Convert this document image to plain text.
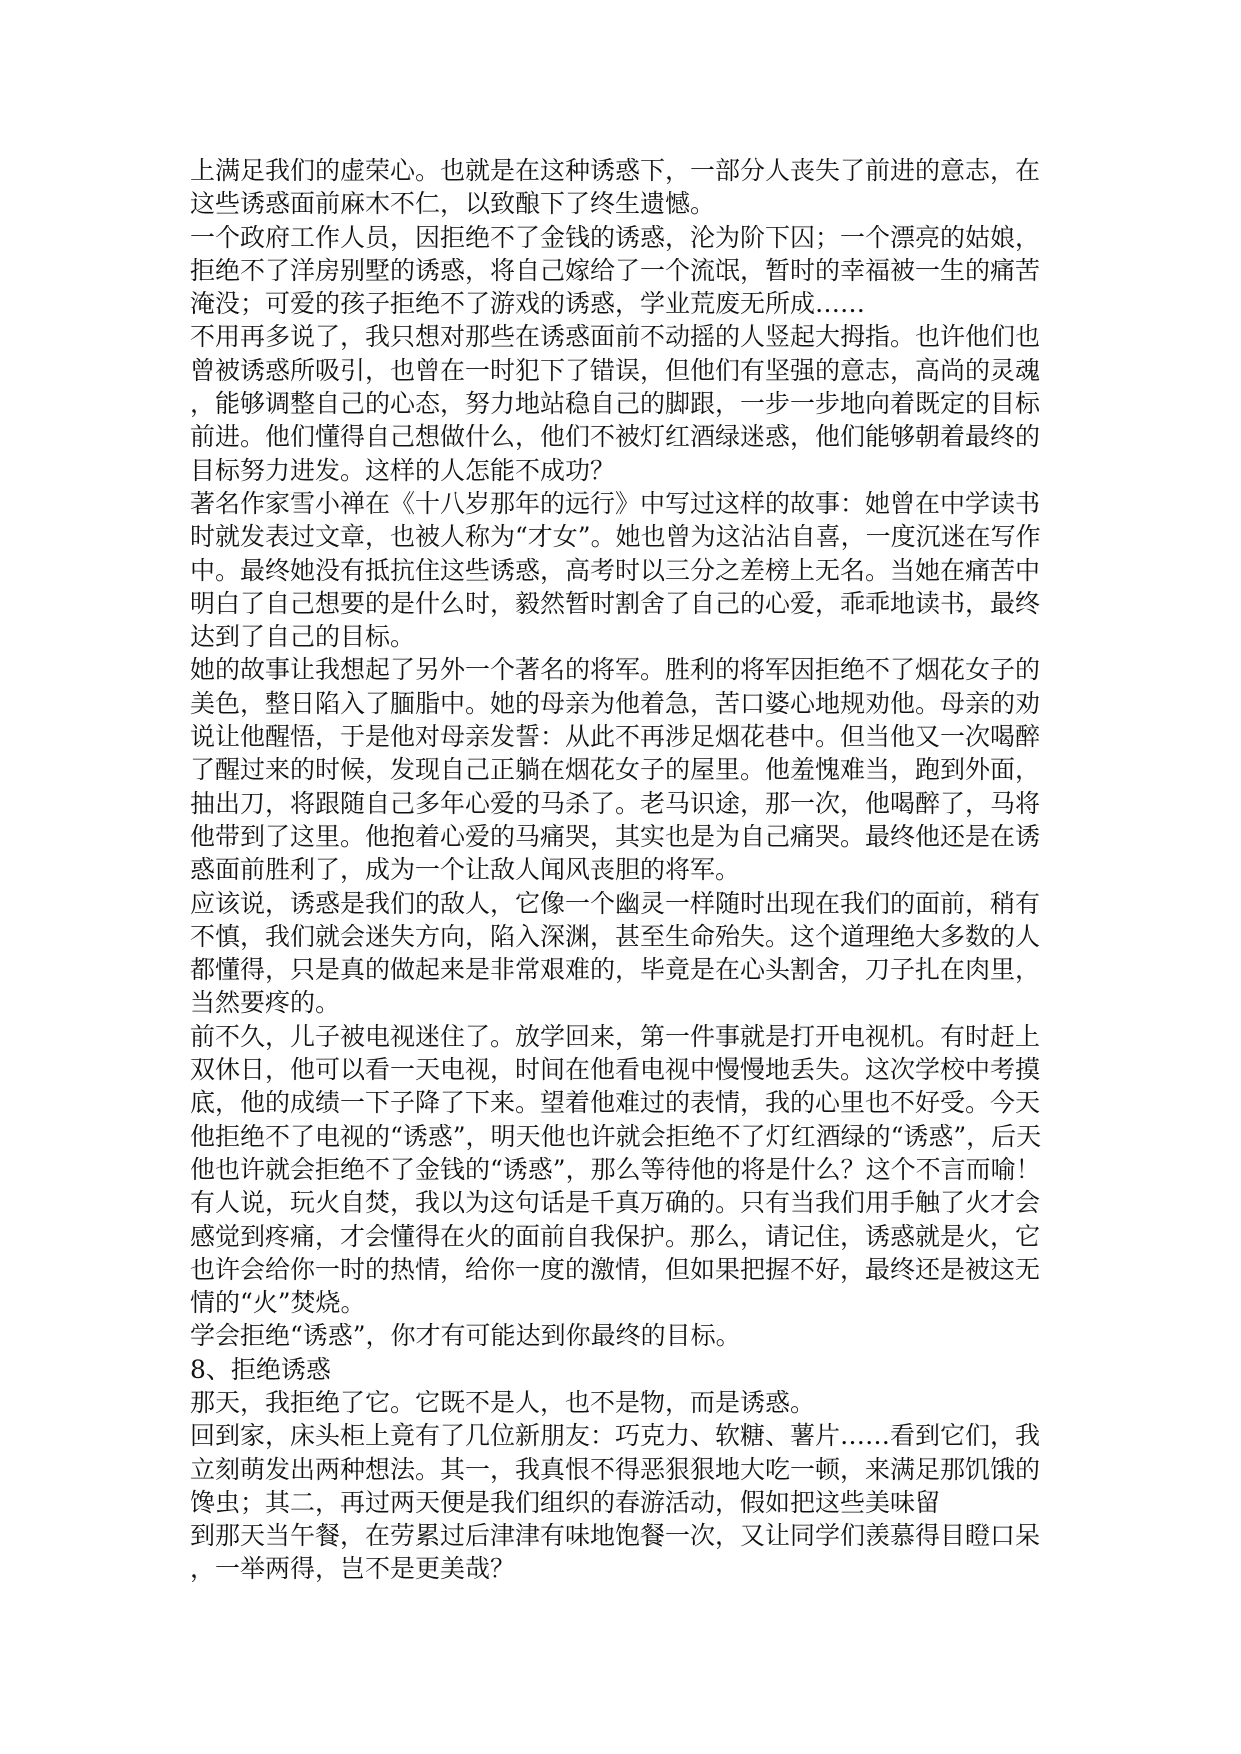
上满足我们的虚荣心。也就是在这种诱惑下，一部分人丧失了前进的意志，在
这些诱惑面前麻木不仁，以致酿下了终生遗憾。
一个政府工作人员，因拒绝不了金钱的诱惑，沦为阶下囚；一个漂亮的姑娘，
拒绝不了洋房别墅的诱惑，将自己嫁给了一个流氓，暂时的幸福被一生的痛苦
淹没；可爱的孩子拒绝不了游戏的诱惑，学业荒废无所成……
不用再多说了，我只想对那些在诱惑面前不动摇的人竖起大拇指。也许他们也
曾被诱惑所吸引，也曾在一时犯下了错误，但他们有坚强的意志，高尚的灵魂
，能够调整自己的心态，努力地站稳自己的脚跟，一步一步地向着既定的目标
前进。他们懂得自己想做什么，他们不被灯红酒绿迷惑，他们能够朝着最终的
目标努力进发。这样的人怎能不成功？
著名作家雪小禅在《十八岁那年的远行》中写过这样的故事：她曾在中学读书
时就发表过文章，也被人称为“才女”。她也曾为这沾沾自喜，一度沉迷在写作
中。最终她没有抵抗住这些诱惑，高考时以三分之差榜上无名。当她在痛苦中
明白了自己想要的是什么时，毅然暂时割舍了自己的心爱，乖乖地读书，最终
达到了自己的目标。
她的故事让我想起了另外一个著名的将军。胜利的将军因拒绝不了烟花女子的
美色，整日陷入了腼脂中。她的母亲为他着急，苦口婆心地规劝他。母亲的劝
说让他醒悟，于是他对母亲发誓：从此不再涉足烟花巷中。但当他又一次喝醉
了醒过来的时候，发现自己正躺在烟花女子的屋里。他羞愧难当，跑到外面，
抽出刀，将跟随自己多年心爱的马杀了。老马识途，那一次，他喝醉了，马将
他带到了这里。他抱着心爱的马痛哭，其实也是为自己痛哭。最终他还是在诱
惑面前胜利了，成为一个让敌人闻风丧胆的将军。
应该说，诱惑是我们的敌人，它像一个幽灵一样随时出现在我们的面前，稍有
不慎，我们就会迷失方向，陷入深渊，甚至生命殆失。这个道理绝大多数的人
都懂得，只是真的做起来是非常艰难的，毕竟是在心头割舍，刀子扎在肉里，
当然要疼的。
前不久，儿子被电视迷住了。放学回来，第一件事就是打开电视机。有时赶上
双休日，他可以看一天电视，时间在他看电视中慢慢地丢失。这次学校中考摸
底，他的成绩一下子降了下来。望着他难过的表情，我的心里也不好受。今天
他拒绝不了电视的“诱惑”，明天他也许就会拒绝不了灯红酒绿的“诱惑”，后天
他也许就会拒绝不了金钱的“诱惑”，那么等待他的将是什么？这个不言而喻！
有人说，玩火自焚，我以为这句话是千真万确的。只有当我们用手触了火才会
感觉到疼痛，才会懂得在火的面前自我保护。那么，请记住，诱惑就是火，它
也许会给你一时的热情，给你一度的激情，但如果把握不好，最终还是被这无
情的“火”焚烧。
学会拒绝“诱惑”，你才有可能达到你最终的目标。
8、拒绝诱惑
那天，我拒绝了它。它既不是人，也不是物，而是诱惑。
回到家，床头柜上竟有了几位新朋友：巧克力、软糖、薯片……看到它们，我
立刻萌发出两种想法。其一，我真恨不得恶狠狠地大吃一顿，来满足那饥饿的
馋虫；其二，再过两天便是我们组织的春游活动，假如把这些美味留
到那天当午餐，在劳累过后津津有味地饱餐一次，又让同学们羡慕得目瞪口呆
，一举两得，岂不是更美哉？
